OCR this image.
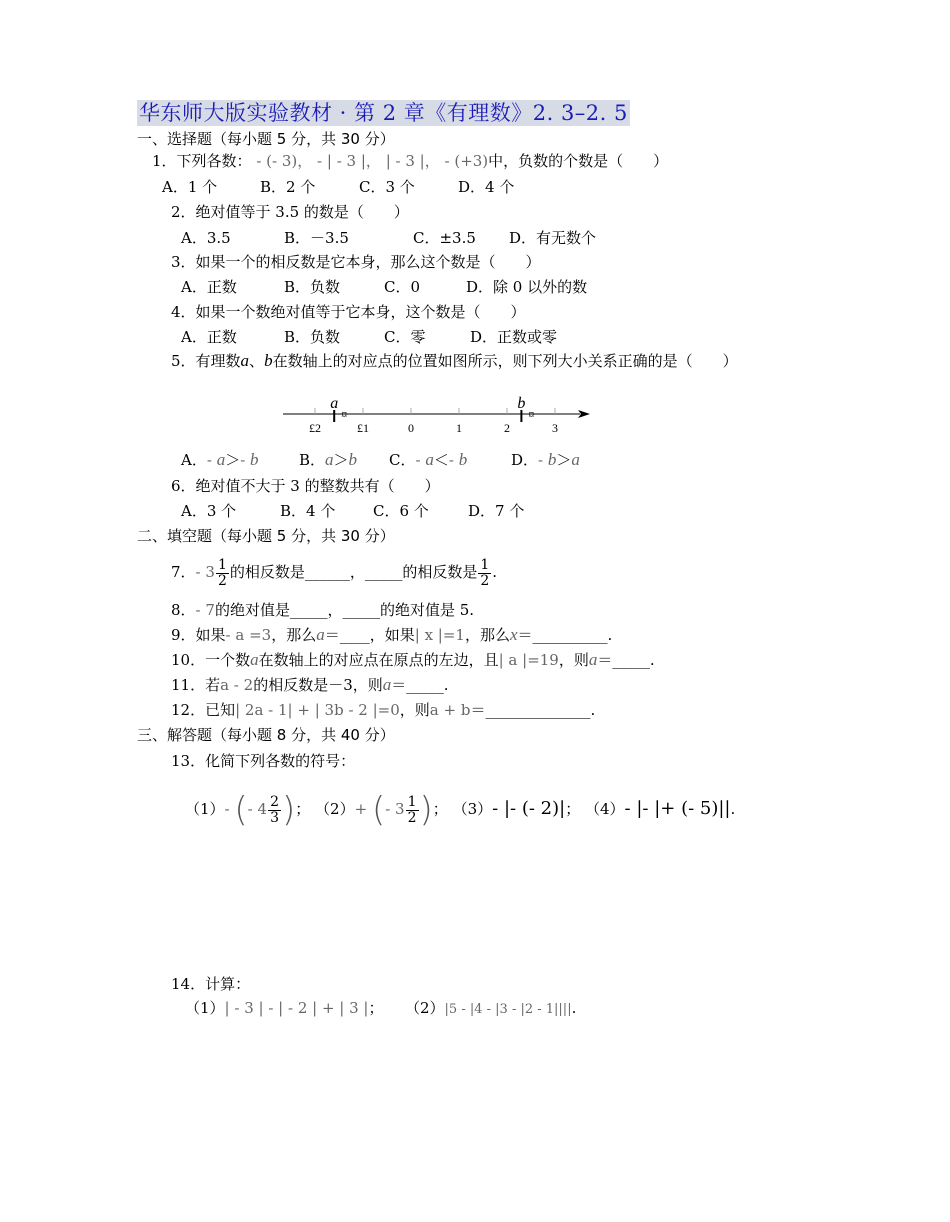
华东师大版实验教材 · 第 2 章《有理数》2. 3–2. 5
一、选择题（每小题 5 分，共 30 分）
1．下列各数： - (- 3)， - | - 3 |， | - 3 |， - (+3)中，负数的个数是（　　）
A．1 个	B．2 个	C．3 个	D．4 个
2．绝对值等于 3.5 的数是（　　）
A．3.5	B．－3.5	C．±3.5 D．有无数个
3．如果一个的相反数是它本身，那么这个数是（　　）
A．正数	B．负数	C．0	D．除 0 以外的数
4．如果一个数绝对值等于它本身，这个数是（　　）
A．正数	B．负数	C．零	D．正数或零
5．有理数a、b在数轴上的对应点的位置如图所示，则下列大小关系正确的是（　　）
£2	£1	0	1	2	3
a
¤
b
¤
A．- a＞- b	B．a＞b C．- a＜- b	D．- b＞a
6．绝对值不大于 3 的整数共有（　　）
A．3 个	B．4 个	C．6 个	D．7 个
二、填空题（每小题 5 分，共 30 分）
7．- $3 \frac{1}{2}$ 的相反数是______，_____的相反数是 $\frac{1}{2}$ .
8．- 7的绝对值是_____，_____的绝对值是 5.
9．如果- a =3，那么a＝____，如果| x |=1，那么x＝__________.
10．一个数a在数轴上的对应点在原点的左边，且| a |=19，则a＝_____.
11．若a - 2的相反数是－3，则a＝_____.
12．已知| 2a - 1| + | 3b - 2 |=0，则a + b＝______________.
三、解答题（每小题 8 分，共 40 分）
13．化简下列各数的符号：
（1）- (- $4 \frac{2}{3}$ )； （2）+ (- $3 \frac{1}{2}$ )； （3）- |- (- 2)|； （4）- |- |+ (- 5)||.
14．计算：
（1）| - 3 | - | - 2 | + | 3 |； （2）|5 - |4 - |3 - |2 - 1||||.
